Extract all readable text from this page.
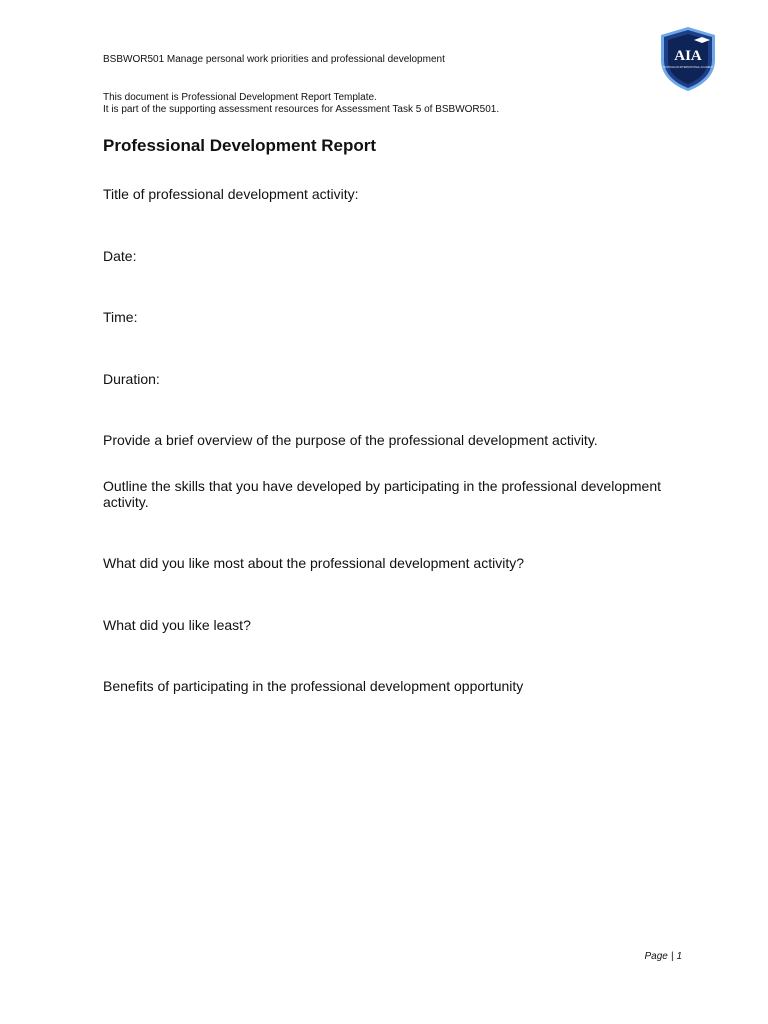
BSBWOR501 Manage personal work priorities and professional development	AIA
AUSTRALIAN INTERNATIONAL ACADEMY
This document is Professional Development Report Template.
It is part of the supporting assessment resources for Assessment Task 5 of BSBWOR501.
Professional Development Report
Title of professional development activity:
Date:
Time:
Duration:
Provide a brief overview of the purpose of the professional development activity.
Outline the skills that you have developed by participating in the professional development activity.
What did you like most about the professional development activity?
What did you like least?
Benefits of participating in the professional development opportunity
Page | 1
